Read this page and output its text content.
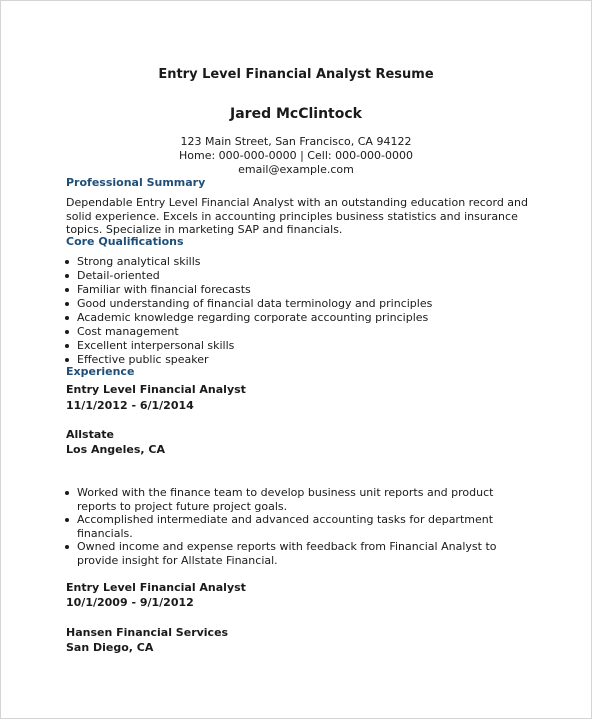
Entry Level Financial Analyst Resume
Jared McClintock
123 Main Street, San Francisco, CA 94122
Home: 000-000-0000 | Cell: 000-000-0000
email@example.com
Professional Summary
Dependable Entry Level Financial Analyst with an outstanding education record and solid experience. Excels in accounting principles business statistics and insurance topics. Specialize in marketing SAP and financials.
Core Qualifications
Strong analytical skills
Detail-oriented
Familiar with financial forecasts
Good understanding of financial data terminology and principles
Academic knowledge regarding corporate accounting principles
Cost management
Excellent interpersonal skills
Effective public speaker
Experience
Entry Level Financial Analyst
11/1/2012 - 6/1/2014
Allstate
Los Angeles, CA
Worked with the finance team to develop business unit reports and product reports to project future project goals.
Accomplished intermediate and advanced accounting tasks for department financials.
Owned income and expense reports with feedback from Financial Analyst to provide insight for Allstate Financial.
Entry Level Financial Analyst
10/1/2009 - 9/1/2012
Hansen Financial Services
San Diego, CA
